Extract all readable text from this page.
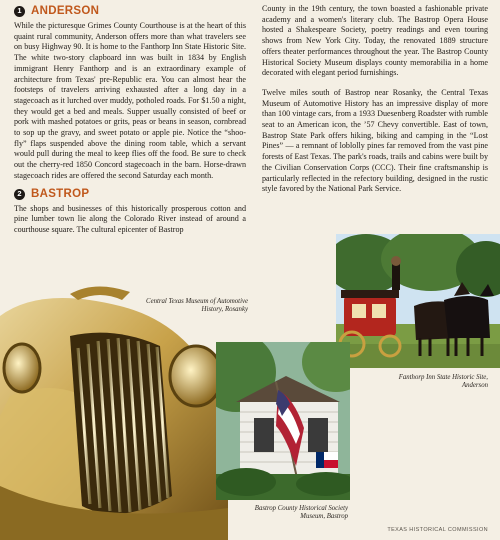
1 ANDERSON

While the picturesque Grimes County Courthouse is at the heart of this quaint rural community, Anderson offers more than what travelers see on busy Highway 90. It is home to the Fanthorp Inn State Historic Site. The white two-story clapboard inn was built in 1834 by English immigrant Henry Fanthorp and is an extraordinary example of architecture from Texas' pre-Republic era. You can almost hear the footsteps of travelers arriving exhausted after a long day in a stagecoach as it lurched over muddy, potholed roads. For $1.50 a night, they would get a bed and meals. Supper usually consisted of beef or pork with mashed potatoes or grits, peas or beans in season, cornbread to sop up the gravy, and sweet potato or apple pie. Notice the “shoo-fly” flaps suspended above the dining room table, which a servant would pull during the meal to keep flies off the food. Be sure to check out the cherry-red 1850 Concord stagecoach in the barn. Horse-drawn stagecoach rides are offered the second Saturday each month.

2 BASTROP

The shops and businesses of this historically prosperous cotton and pine lumber town lie along the Colorado River instead of around a courthouse square. The cultural epicenter of Bastrop

County in the 19th century, the town boasted a fashionable private academy and a women's literary club. The Bastrop Opera House hosted a Shakespeare Society, poetry readings and even touring shows from New York City. Today, the renovated 1889 structure offers theater performances throughout the year. The Bastrop County Historical Society Museum displays county memorabilia in a home decorated with elegant period furnishings.

Twelve miles south of Bastrop near Rosanky, the Central Texas Museum of Automotive History has an impressive display of more than 100 vintage cars, from a 1933 Duesenberg Roadster with rumble seat to an American icon, the ’57 Chevy convertible. East of town, Bastrop State Park offers hiking, biking and camping in the “Lost Pines” — a remnant of loblolly pines far removed from the vast pine forests of East Texas. The park's roads, trails and cabins were built by the Civilian Conservation Corps (CCC). Their fine craftsmanship is particularly reflected in the refectory building, designed in the rustic style favored by the National Park Service.

Central Texas Museum of Automotive History, Rosanky
Fanthorp Inn State Historic Site, Anderson
Bastrop County Historical Society Museum, Bastrop
TEXAS HISTORICAL COMMISSION
